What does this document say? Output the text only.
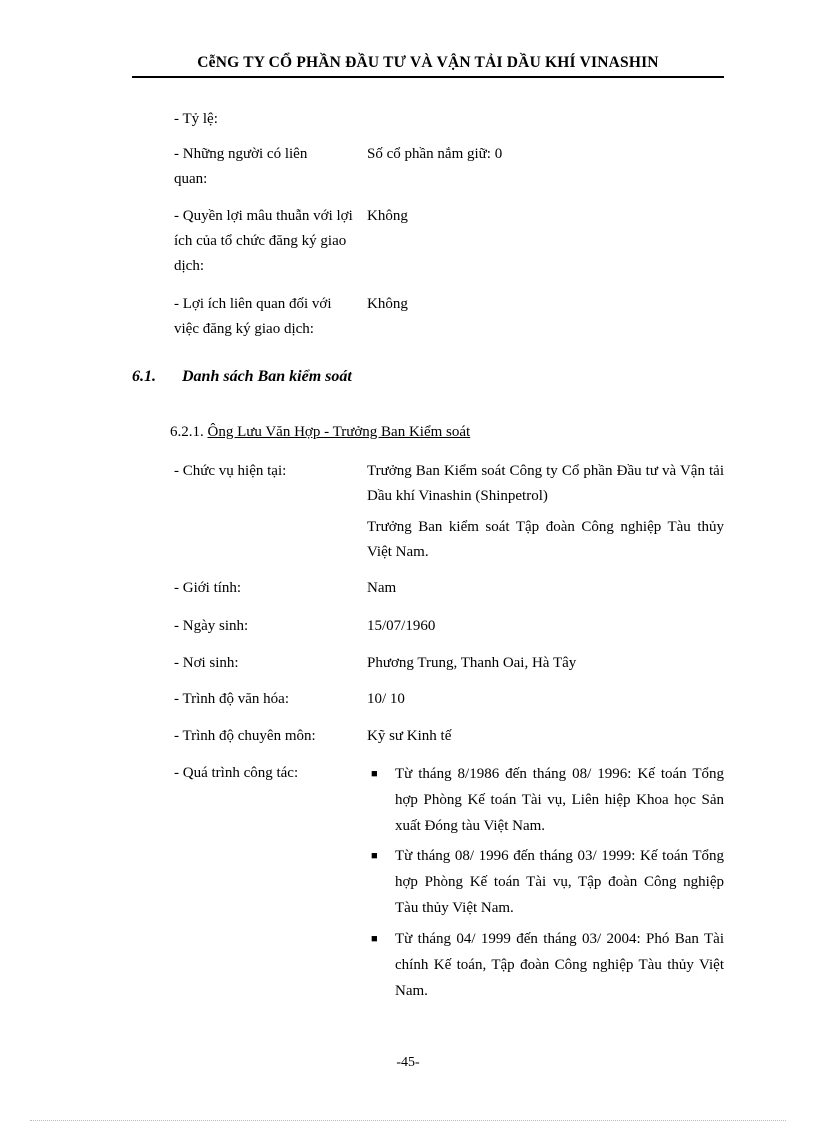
CễNG TY CỔ PHẦN ĐẦU TƯ VÀ VẬN TẢI DẦU KHÍ VINASHIN
- Tỷ lệ:
- Những người có liên quan:
Số cổ phần nắm giữ: 0
- Quyền lợi mâu thuẫn với lợi ích của tổ chức đăng ký giao dịch:
Không
- Lợi ích liên quan đối với việc đăng ký giao dịch:
Không
6.1. Danh sách Ban kiểm soát
6.2.1. Ông Lưu Văn Hợp - Trưởng Ban Kiểm soát
- Chức vụ hiện tại:	Trưởng Ban Kiểm soát Công ty Cổ phần Đầu tư và Vận tải Dầu khí Vinashin (Shinpetrol)
Trưởng Ban kiểm soát Tập đoàn Công nghiệp Tàu thủy Việt Nam.
- Giới tính:	Nam
- Ngày sinh:	15/07/1960
- Nơi sinh:	Phương Trung, Thanh Oai, Hà Tây
- Trình độ văn hóa:	10/ 10
- Trình độ chuyên môn:	Kỹ sư Kinh tế
- Quá trình công tác:	■ Từ tháng 8/1986 đến tháng 08/ 1996: Kế toán Tổng hợp Phòng Kế toán Tài vụ, Liên hiệp Khoa học Sản xuất Đóng tàu Việt Nam.
■ Từ tháng 08/ 1996 đến tháng 03/ 1999: Kế toán Tổng hợp Phòng Kế toán Tài vụ, Tập đoàn Công nghiệp Tàu thủy Việt Nam.
■ Từ tháng 04/ 1999 đến tháng 03/ 2004: Phó Ban Tài chính Kế toán, Tập đoàn Công nghiệp Tàu thủy Việt Nam.
-45-
